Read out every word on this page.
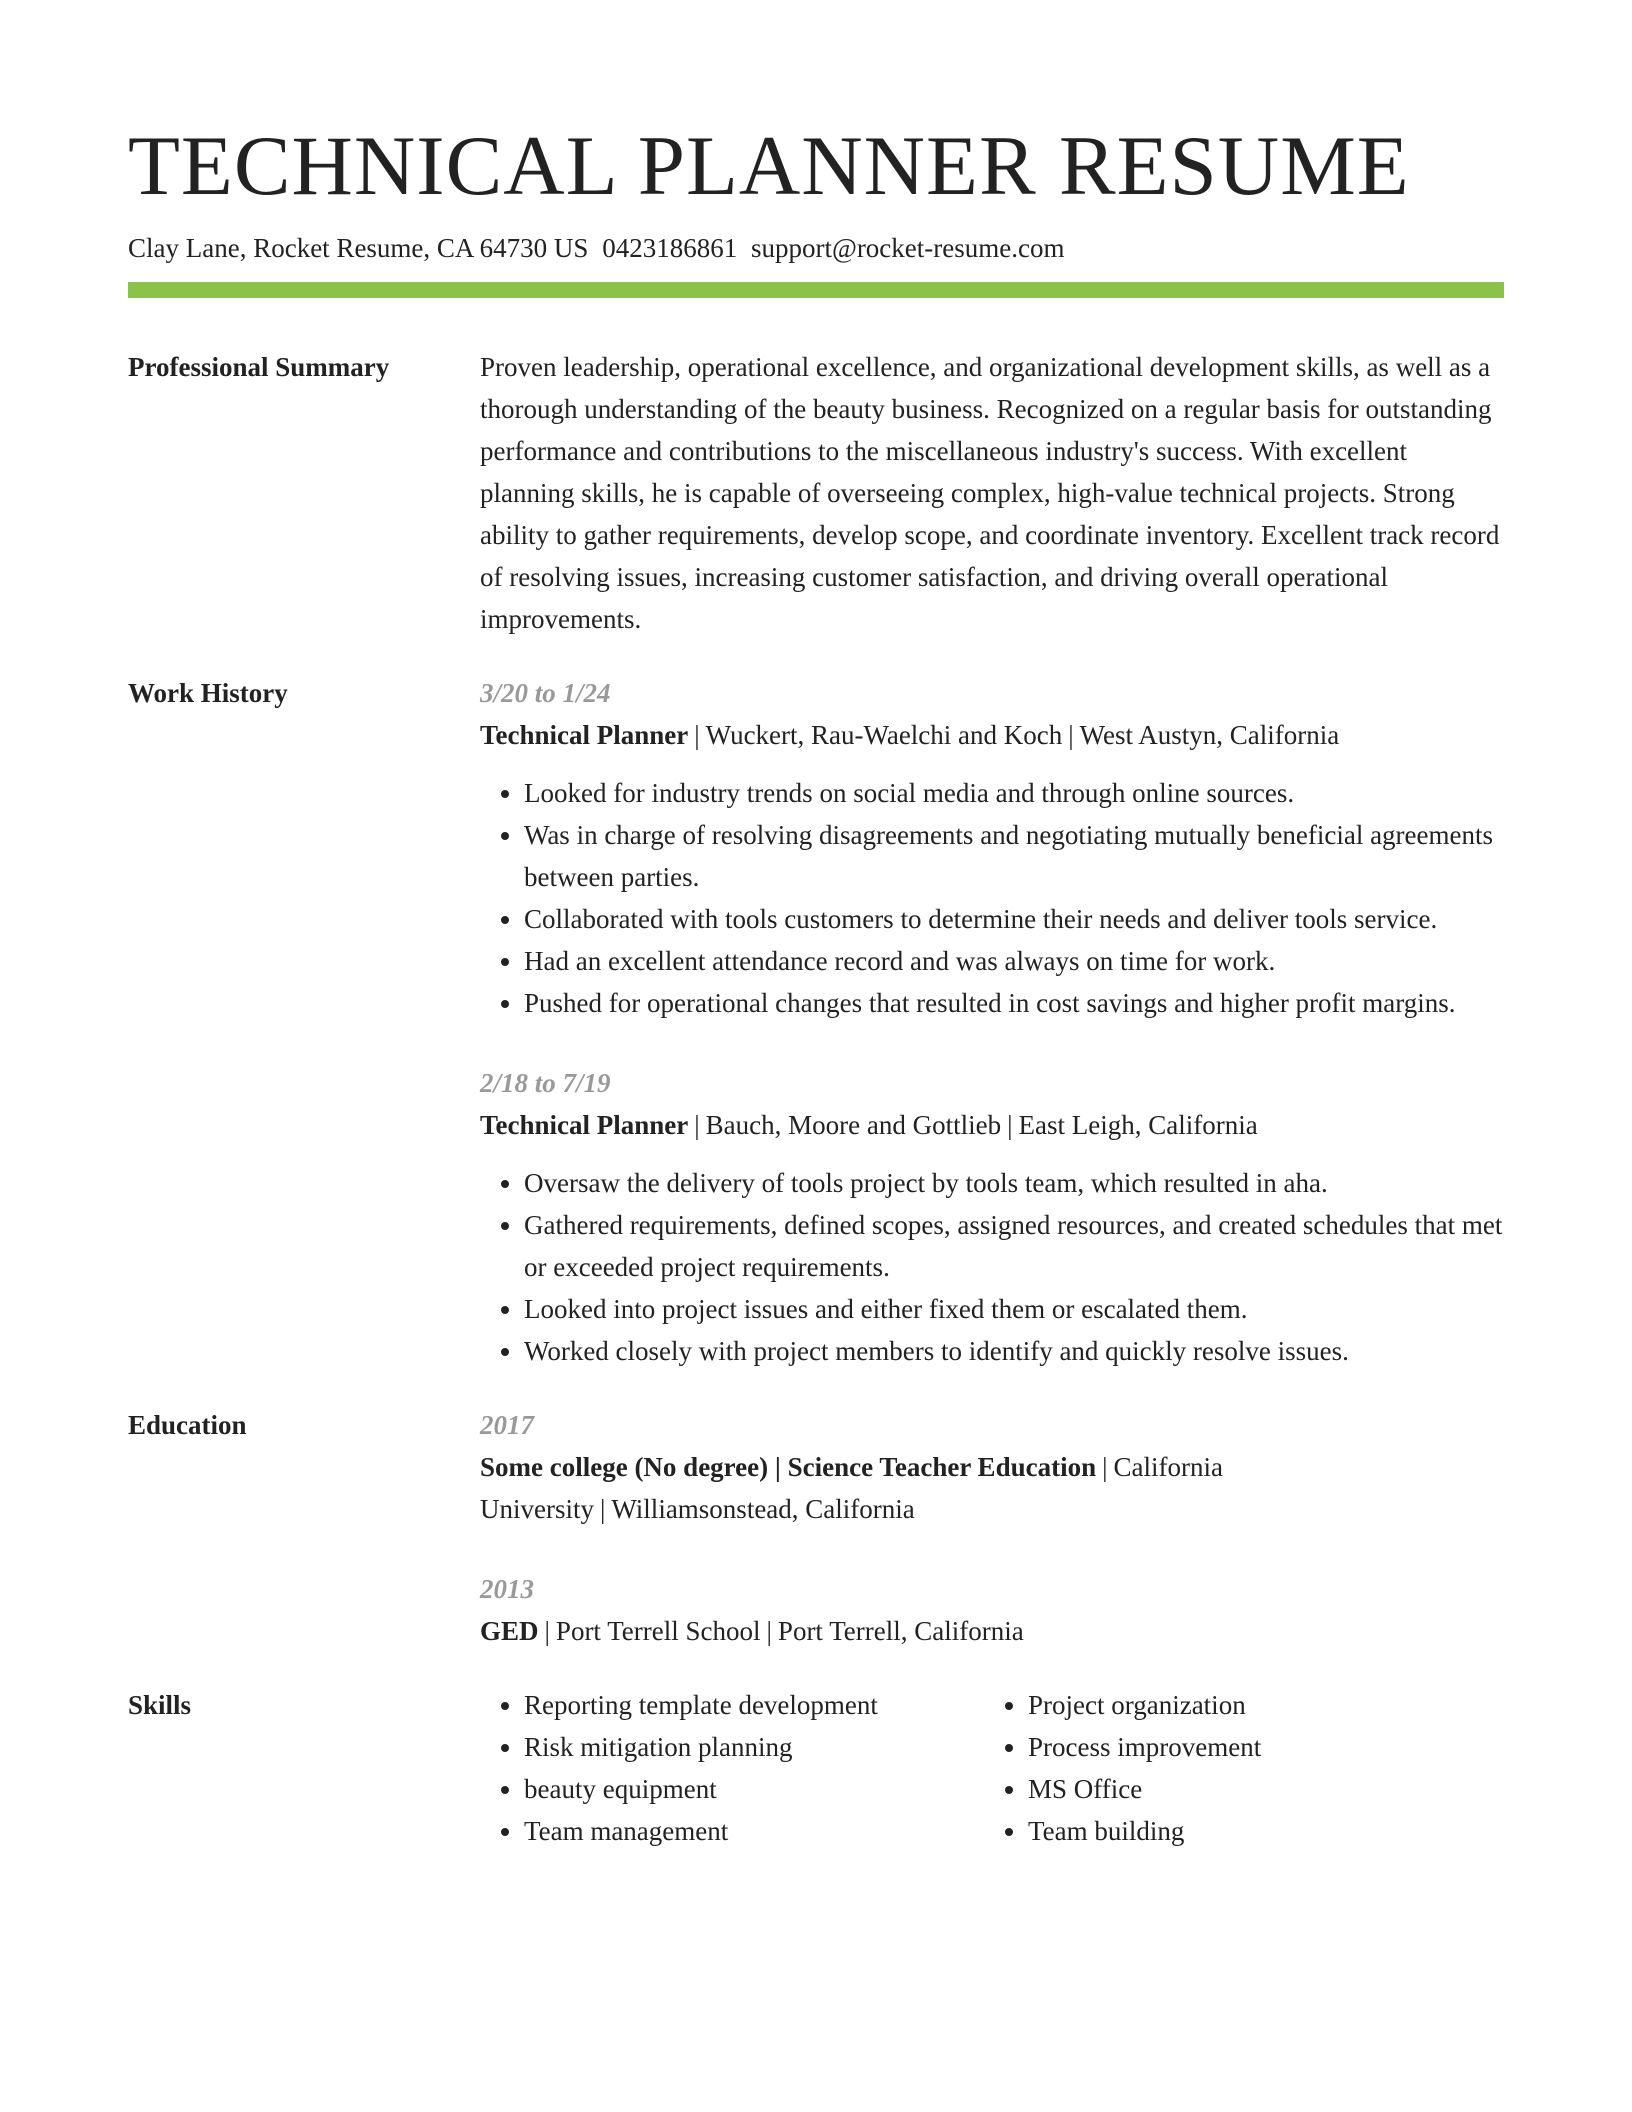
TECHNICAL PLANNER RESUME
Clay Lane, Rocket Resume, CA 64730 US 0423186861 support@rocket-resume.com
Professional Summary	Proven leadership, operational excellence, and organizational development skills, as well as a thorough understanding of the beauty business. Recognized on a regular basis for outstanding performance and contributions to the miscellaneous industry's success. With excellent planning skills, he is capable of overseeing complex, high-value technical projects. Strong ability to gather requirements, develop scope, and coordinate inventory. Excellent track record of resolving issues, increasing customer satisfaction, and driving overall operational improvements.
Work History	3/20 to 1/24
Technical Planner | Wuckert, Rau-Waelchi and Koch | West Austyn, California
• Looked for industry trends on social media and through online sources.
• Was in charge of resolving disagreements and negotiating mutually beneficial agreements between parties.
• Collaborated with tools customers to determine their needs and deliver tools service.
• Had an excellent attendance record and was always on time for work.
• Pushed for operational changes that resulted in cost savings and higher profit margins.
2/18 to 7/19
Technical Planner | Bauch, Moore and Gottlieb | East Leigh, California
• Oversaw the delivery of tools project by tools team, which resulted in aha.
• Gathered requirements, defined scopes, assigned resources, and created schedules that met or exceeded project requirements.
• Looked into project issues and either fixed them or escalated them.
• Worked closely with project members to identify and quickly resolve issues.
Education	2017
Some college (No degree) | Science Teacher Education | California University | Williamsonstead, California
2013
GED | Port Terrell School | Port Terrell, California
Skills
•	Reporting template development
• Risk mitigation planning
• beauty equipment
• Team management
• Project organization
• Process improvement
• MS Office
• Team building
